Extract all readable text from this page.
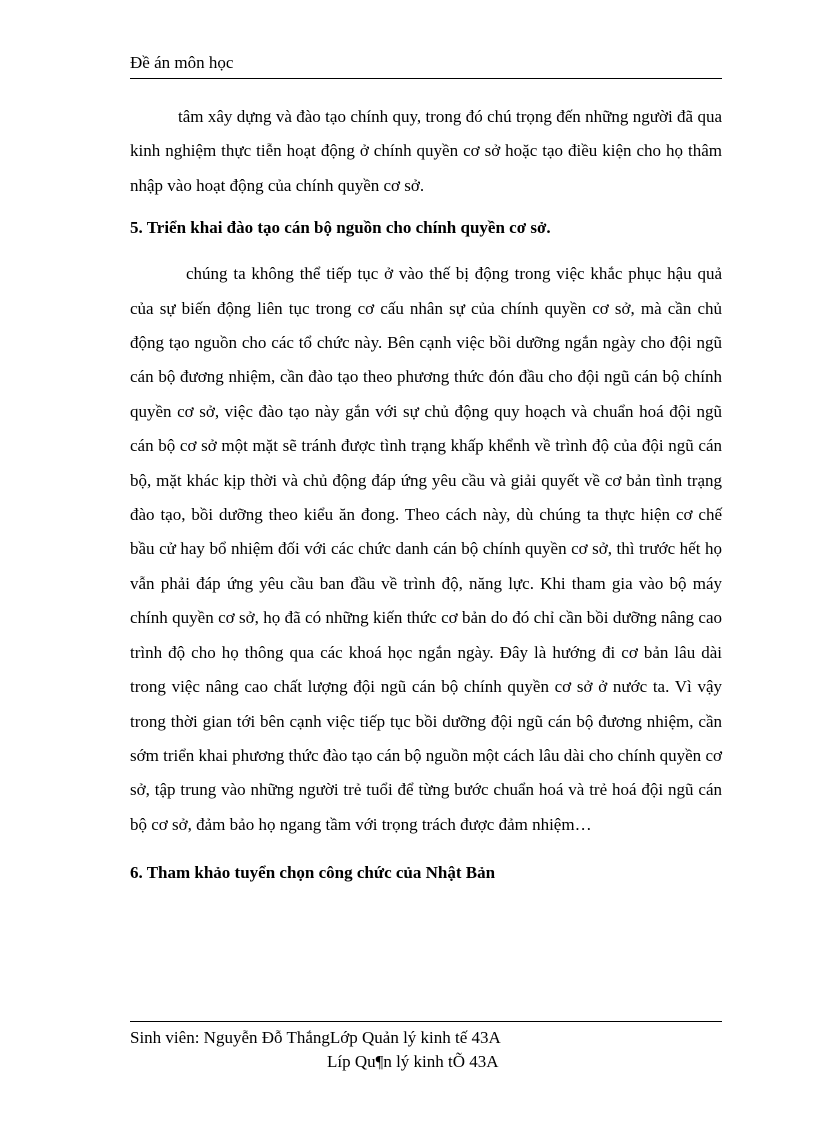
Đề án môn học

tâm xây dựng và đào tạo chính quy, trong đó chú trọng đến những người đã qua kinh nghiệm thực tiễn hoạt động ở chính quyền cơ sở hoặc tạo điều kiện cho họ thâm nhập vào hoạt động của chính quyền cơ sở.

5. Triển khai đào tạo cán bộ nguồn cho chính quyền cơ sở.

chúng ta không thể tiếp tục ở vào thế bị động trong việc khắc phục hậu quả của sự biến động liên tục trong cơ cấu nhân sự của chính quyền cơ sở, mà cần chủ động tạo nguồn cho các tổ chức này. Bên cạnh việc bồi dưỡng ngắn ngày cho đội ngũ cán bộ đương nhiệm, cần đào tạo theo phương thức đón đầu cho đội ngũ cán bộ chính quyền cơ sở, việc đào tạo này gắn với sự chủ động quy hoạch và chuẩn hoá đội ngũ cán bộ cơ sở một mặt sẽ tránh được tình trạng khấp khểnh về trình độ của đội ngũ cán bộ, mặt khác kịp thời và chủ động đáp ứng yêu cầu và giải quyết về cơ bản tình trạng đào tạo, bồi dưỡng theo kiểu ăn đong. Theo cách này, dù chúng ta thực hiện cơ chế bầu cử hay bổ nhiệm đối với các chức danh cán bộ chính quyền cơ sở, thì trước hết họ vẫn phải đáp ứng yêu cầu ban đầu về trình độ, năng lực. Khi tham gia vào bộ máy chính quyền cơ sở, họ đã có những kiến thức cơ bản do đó chỉ cần bồi dưỡng nâng cao trình độ cho họ thông qua các khoá học ngắn ngày. Đây là hướng đi cơ bản lâu dài trong việc nâng cao chất lượng đội ngũ cán bộ chính quyền cơ sở ở nước ta. Vì vậy trong thời gian tới bên cạnh việc tiếp tục bồi dưỡng đội ngũ cán bộ đương nhiệm, cần sớm triển khai phương thức đào tạo cán bộ nguồn một cách lâu dài cho chính quyền cơ sở, tập trung vào những người trẻ tuổi để từng bước chuẩn hoá và trẻ hoá đội ngũ cán bộ cơ sở, đảm bảo họ ngang tầm với trọng trách được đảm nhiệm…

6. Tham khảo tuyển chọn công chức của Nhật Bản

Sinh viên: Nguyễn Đỗ ThắngLớp Quản lý kinh tế 43A
Líp Qu¶n lý kinh tÕ 43A
